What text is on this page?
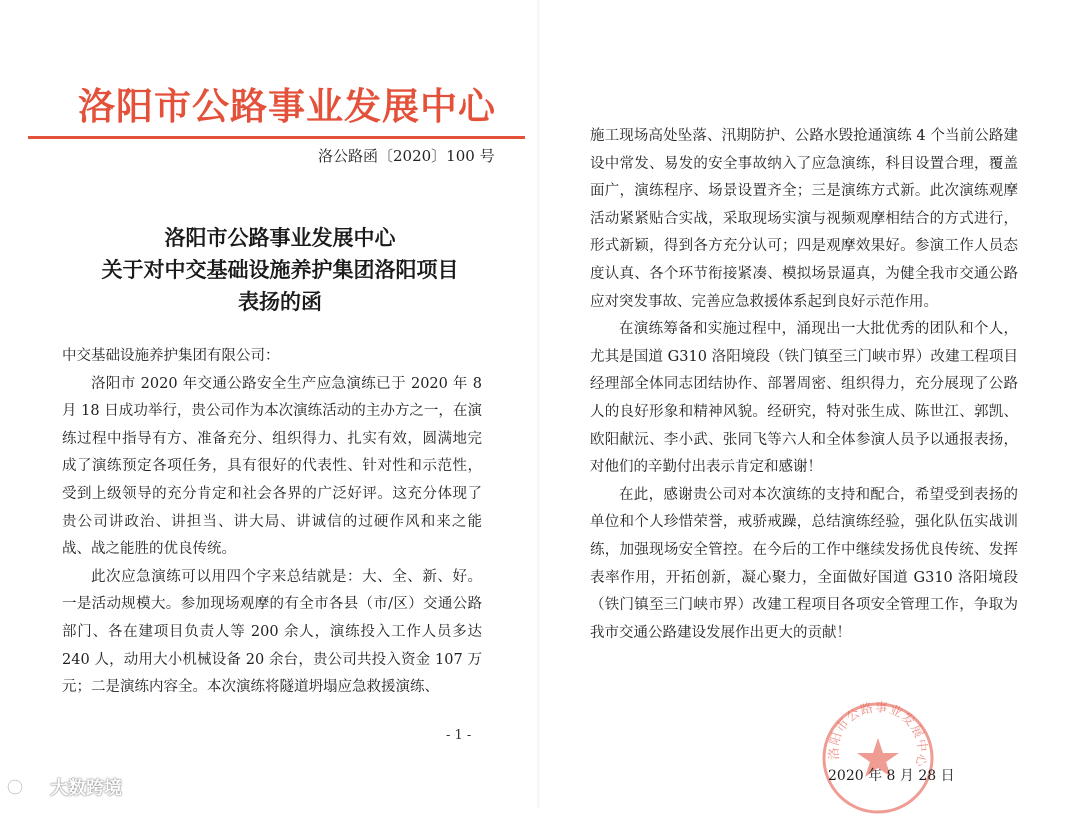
洛阳市公路事业发展中心
洛公路函〔2020〕100 号
洛阳市公路事业发展中心
关于对中交基础设施养护集团洛阳项目
表扬的函

中交基础设施养护集团有限公司：

洛阳市 2020 年交通公路安全生产应急演练已于 2020 年 8 月 18 日成功举行，贵公司作为本次演练活动的主办方之一，在演练过程中指导有方、准备充分、组织得力、扎实有效，圆满地完成了演练预定各项任务，具有很好的代表性、针对性和示范性，受到上级领导的充分肯定和社会各界的广泛好评。这充分体现了贵公司讲政治、讲担当、讲大局、讲诚信的过硬作风和来之能战、战之能胜的优良传统。

此次应急演练可以用四个字来总结就是：大、全、新、好。一是活动规模大。参加现场观摩的有全市各县（市/区）交通公路部门、各在建项目负责人等 200 余人，演练投入工作人员多达 240 人，动用大小机械设备 20 余台，贵公司共投入资金 107 万元；二是演练内容全。本次演练将隧道坍塌应急救援演练、

- 1 -

施工现场高处坠落、汛期防护、公路水毁抢通演练 4 个当前公路建设中常发、易发的安全事故纳入了应急演练，科目设置合理，覆盖面广，演练程序、场景设置齐全；三是演练方式新。此次演练观摩活动紧紧贴合实战，采取现场实演与视频观摩相结合的方式进行，形式新颖，得到各方充分认可；四是观摩效果好。参演工作人员态度认真、各个环节衔接紧凑、模拟场景逼真，为健全我市交通公路应对突发事故、完善应急救援体系起到良好示范作用。

在演练筹备和实施过程中，涌现出一大批优秀的团队和个人，尤其是国道 G310 洛阳境段（铁门镇至三门峡市界）改建工程项目经理部全体同志团结协作、部署周密、组织得力，充分展现了公路人的良好形象和精神风貌。经研究，特对张生成、陈世江、郭凯、欧阳献沅、李小武、张同飞等六人和全体参演人员予以通报表扬，对他们的辛勤付出表示肯定和感谢！

在此，感谢贵公司对本次演练的支持和配合，希望受到表扬的单位和个人珍惜荣誉，戒骄戒躁，总结演练经验，强化队伍实战训练，加强现场安全管控。在今后的工作中继续发扬优良传统、发挥表率作用，开拓创新，凝心聚力，全面做好国道 G310 洛阳境段（铁门镇至三门峡市界）改建工程项目各项安全管理工作，争取为我市交通公路建设发展作出更大的贡献！

洛阳市公路事业发展中心
2020 年 8 月 28 日
大数跨境
